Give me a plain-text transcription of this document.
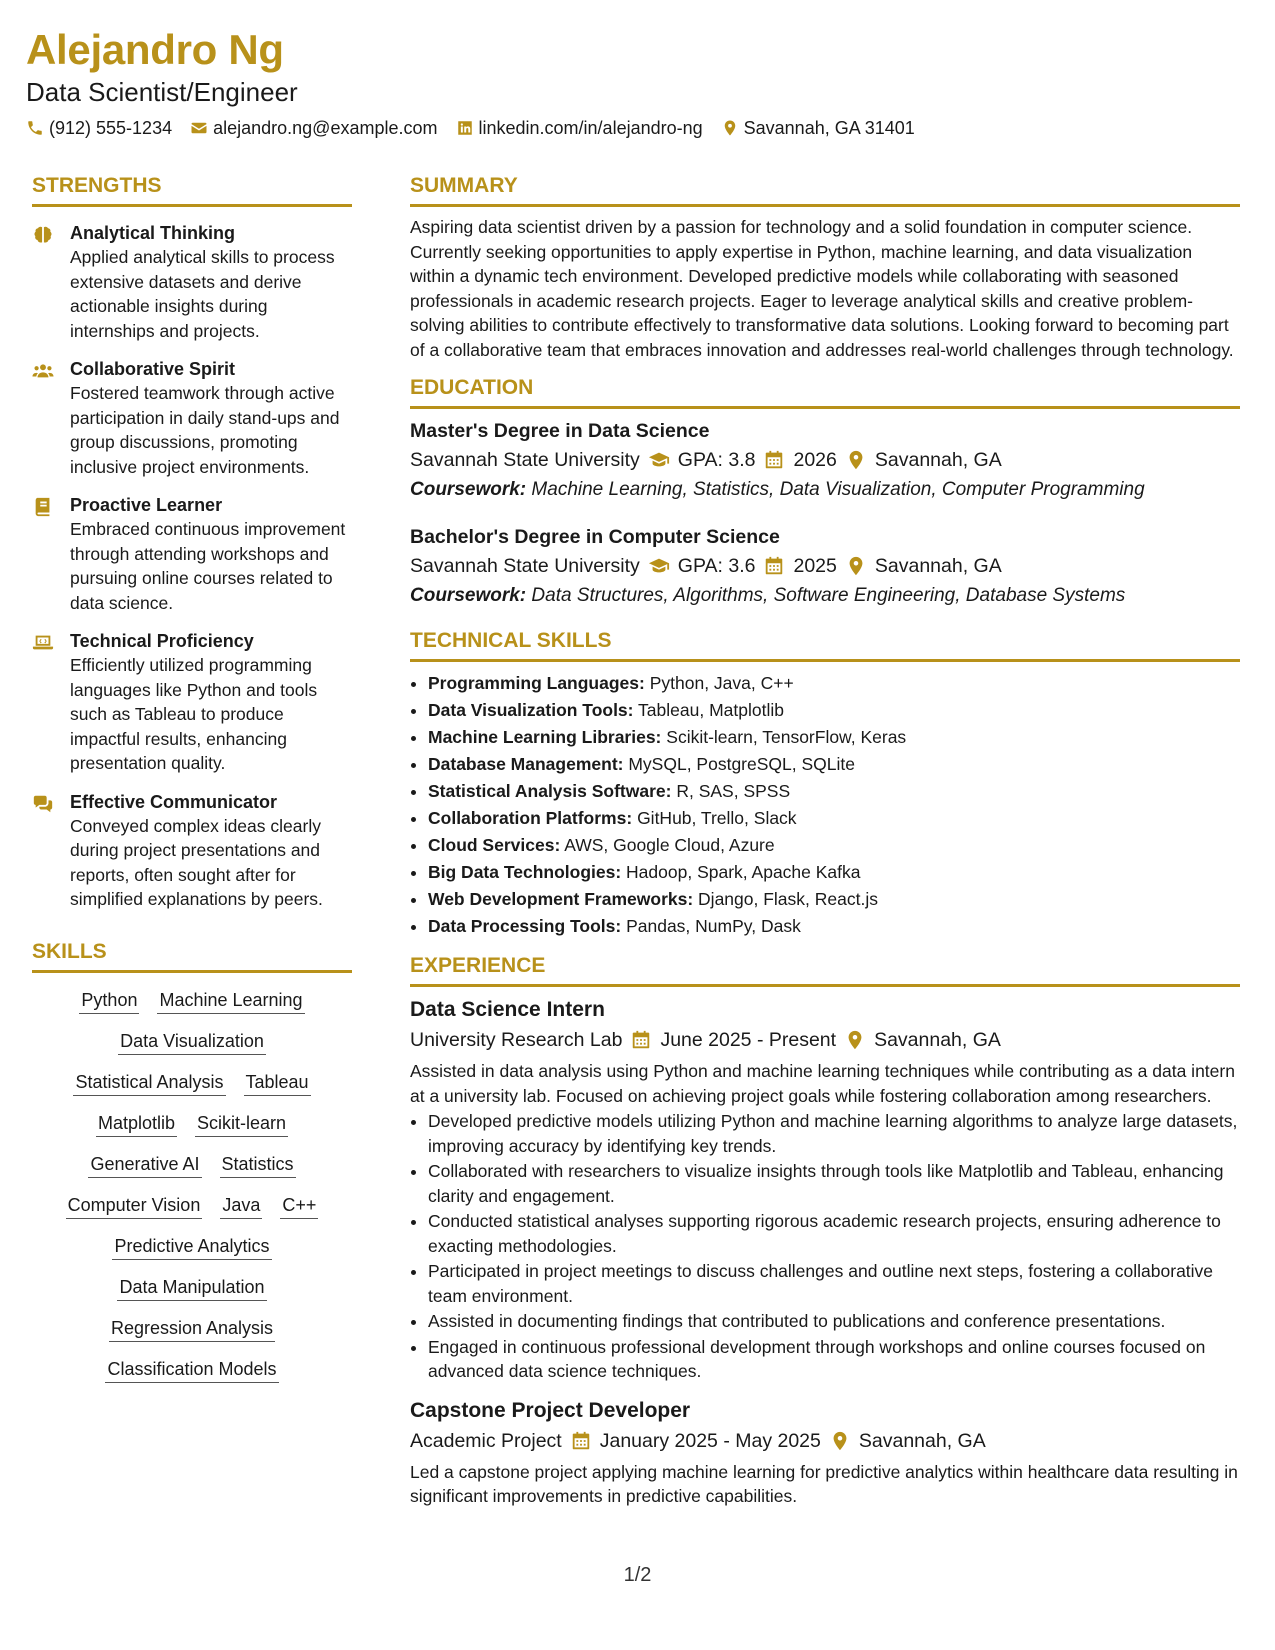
Alejandro Ng
Data Scientist/Engineer
(912) 555-1234 alejandro.ng@example.com linkedin.com/in/alejandro-ng Savannah, GA 31401
STRENGTHS
Analytical Thinking
Applied analytical skills to process extensive datasets and derive actionable insights during internships and projects.
Collaborative Spirit
Fostered teamwork through active participation in daily stand-ups and group discussions, promoting inclusive project environments.
Proactive Learner
Embraced continuous improvement through attending workshops and pursuing online courses related to data science.
Technical Proficiency
Efficiently utilized programming languages like Python and tools such as Tableau to produce impactful results, enhancing presentation quality.
Effective Communicator
Conveyed complex ideas clearly during project presentations and reports, often sought after for simplified explanations by peers.
SKILLS
Python Machine Learning
Data Visualization
Statistical Analysis Tableau
Matplotlib Scikit-learn
Generative AI Statistics
Computer Vision Java C++
Predictive Analytics
Data Manipulation
Regression Analysis
Classification Models
SUMMARY
Aspiring data scientist driven by a passion for technology and a solid foundation in computer science. Currently seeking opportunities to apply expertise in Python, machine learning, and data visualization within a dynamic tech environment. Developed predictive models while collaborating with seasoned professionals in academic research projects. Eager to leverage analytical skills and creative problem-solving abilities to contribute effectively to transformative data solutions. Looking forward to becoming part of a collaborative team that embraces innovation and addresses real-world challenges through technology.
EDUCATION
Master's Degree in Data Science
Savannah State University GPA: 3.8 2026 Savannah, GA
Coursework: Machine Learning, Statistics, Data Visualization, Computer Programming
Bachelor's Degree in Computer Science
Savannah State University GPA: 3.6 2025 Savannah, GA
Coursework: Data Structures, Algorithms, Software Engineering, Database Systems
TECHNICAL SKILLS
• Programming Languages: Python, Java, C++
• Data Visualization Tools: Tableau, Matplotlib
• Machine Learning Libraries: Scikit-learn, TensorFlow, Keras
• Database Management: MySQL, PostgreSQL, SQLite
• Statistical Analysis Software: R, SAS, SPSS
• Collaboration Platforms: GitHub, Trello, Slack
• Cloud Services: AWS, Google Cloud, Azure
• Big Data Technologies: Hadoop, Spark, Apache Kafka
• Web Development Frameworks: Django, Flask, React.js
• Data Processing Tools: Pandas, NumPy, Dask
EXPERIENCE
Data Science Intern
University Research Lab June 2025 - Present Savannah, GA
Assisted in data analysis using Python and machine learning techniques while contributing as a data intern at a university lab. Focused on achieving project goals while fostering collaboration among researchers.
• Developed predictive models utilizing Python and machine learning algorithms to analyze large datasets, improving accuracy by identifying key trends.
• Collaborated with researchers to visualize insights through tools like Matplotlib and Tableau, enhancing clarity and engagement.
• Conducted statistical analyses supporting rigorous academic research projects, ensuring adherence to exacting methodologies.
• Participated in project meetings to discuss challenges and outline next steps, fostering a collaborative team environment.
• Assisted in documenting findings that contributed to publications and conference presentations.
• Engaged in continuous professional development through workshops and online courses focused on advanced data science techniques.
Capstone Project Developer
Academic Project January 2025 - May 2025 Savannah, GA
Led a capstone project applying machine learning for predictive analytics within healthcare data resulting in significant improvements in predictive capabilities.
1/2
